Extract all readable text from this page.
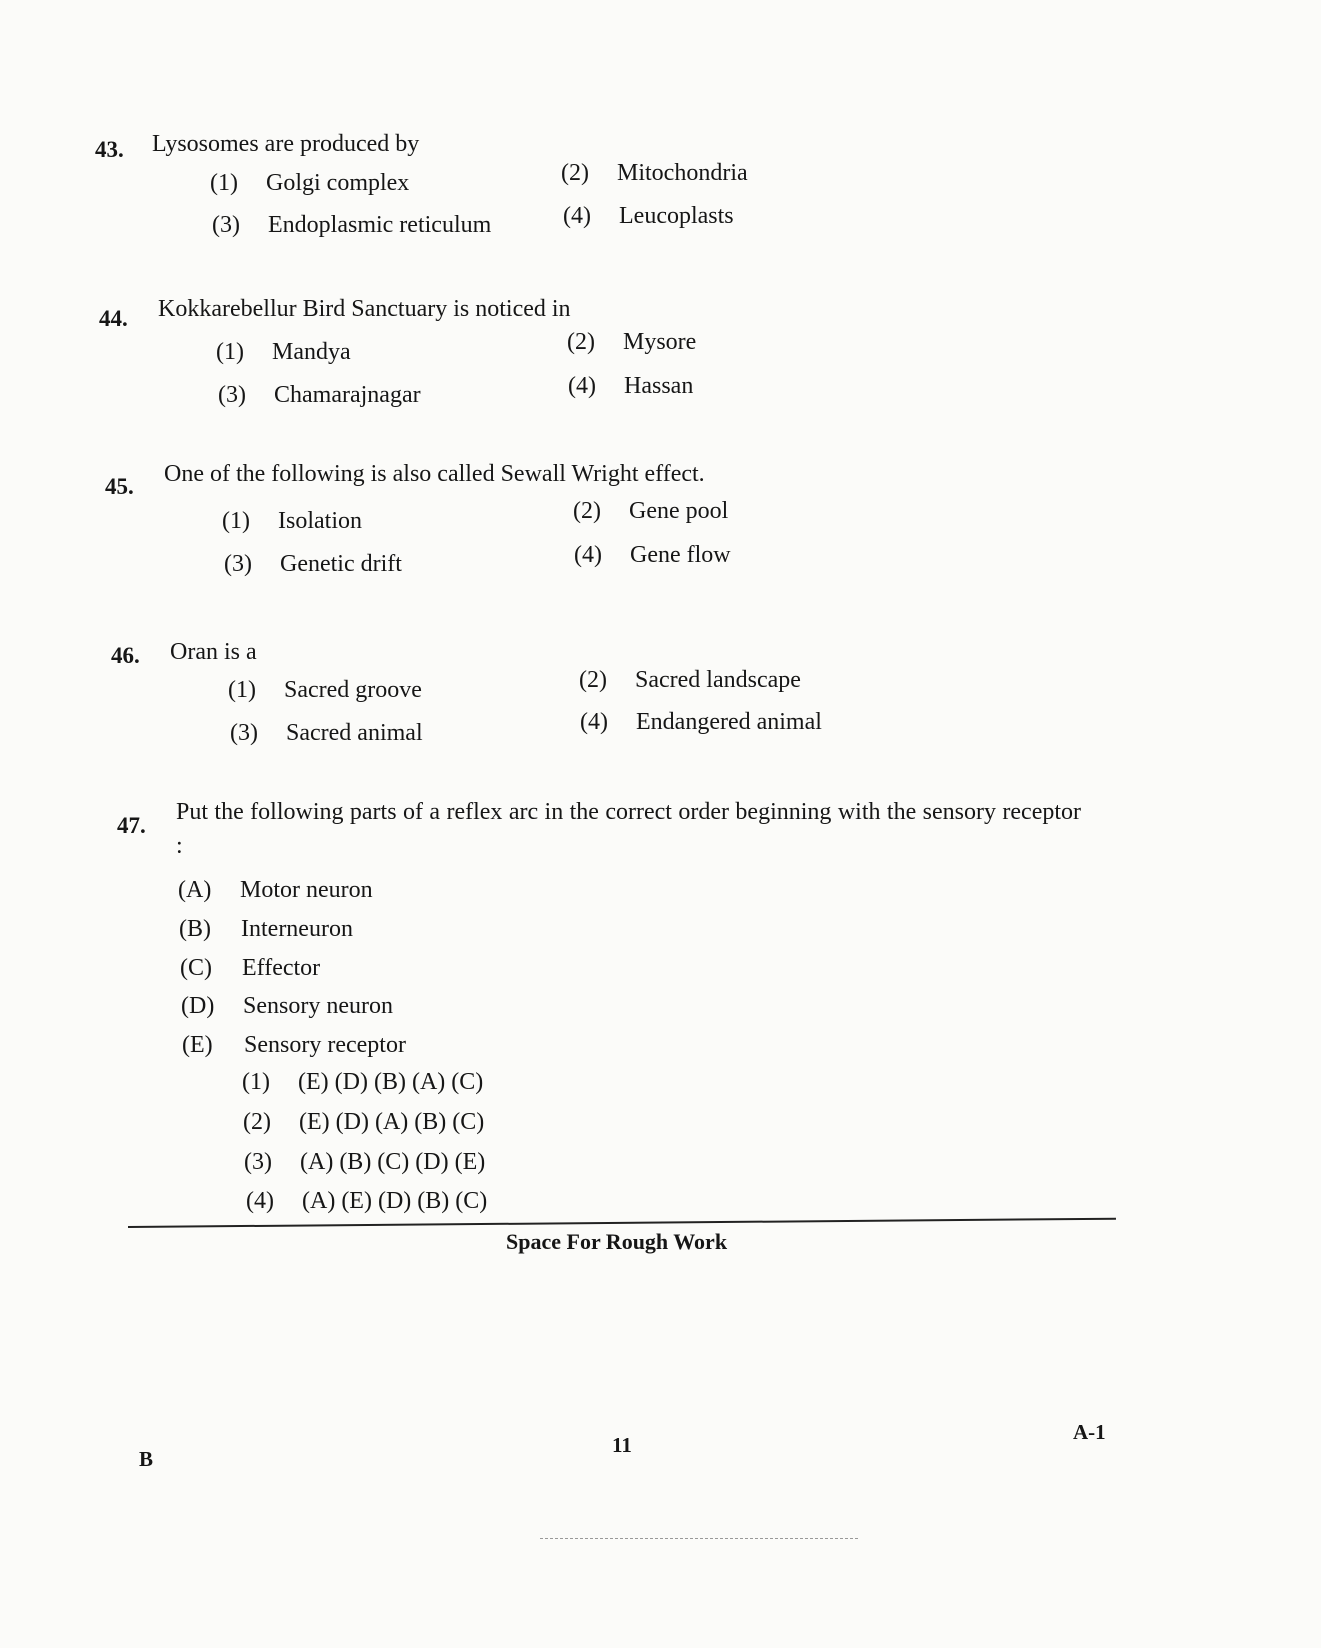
43. Lysosomes are produced by
(1) Golgi complex	(2) Mitochondria
(3) Endoplasmic reticulum	(4) Leucoplasts
44. Kokkarebellur Bird Sanctuary is noticed in
(1) Mandya	(2) Mysore
(3) Chamarajnagar	(4) Hassan
45. One of the following is also called Sewall Wright effect.
(1) Isolation	(2) Gene pool
(3) Genetic drift	(4) Gene flow
46. Oran is a
(1) Sacred groove	(2) Sacred landscape
(3) Sacred animal	(4) Endangered animal
47.
Put the following parts of a reflex arc in the correct order beginning with the sensory receptor :
(A) Motor neuron
(B) Interneuron
(C) Effector
(D) Sensory neuron
(E) Sensory receptor
(1) (E) (D) (B) (A) (C)
(2) (E) (D) (A) (B) (C)
(3) (A) (B) (C) (D) (E)
(4) (A) (E) (D) (B) (C)
Space For Rough Work
11
B
A-1
